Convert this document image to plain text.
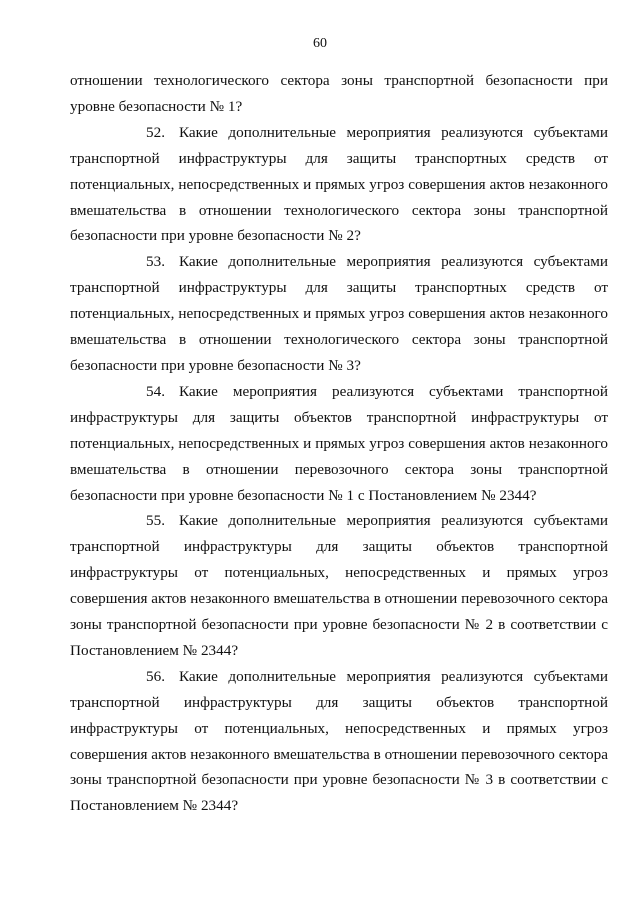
60

отношении технологического сектора зоны транспортной безопасности при уровне безопасности № 1?

52. Какие дополнительные мероприятия реализуются субъектами транспортной инфраструктуры для защиты транспортных средств от потенциальных, непосредственных и прямых угроз совершения актов незаконного вмешательства в отношении технологического сектора зоны транспортной безопасности при уровне безопасности № 2?

53. Какие дополнительные мероприятия реализуются субъектами транспортной инфраструктуры для защиты транспортных средств от потенциальных, непосредственных и прямых угроз совершения актов незаконного вмешательства в отношении технологического сектора зоны транспортной безопасности при уровне безопасности № 3?

54. Какие мероприятия реализуются субъектами транспортной инфраструктуры для защиты объектов транспортной инфраструктуры от потенциальных, непосредственных и прямых угроз совершения актов незаконного вмешательства в отношении перевозочного сектора зоны транспортной безопасности при уровне безопасности № 1 с Постановлением № 2344?

55. Какие дополнительные мероприятия реализуются субъектами транспортной инфраструктуры для защиты объектов транспортной инфраструктуры от потенциальных, непосредственных и прямых угроз совершения актов незаконного вмешательства в отношении перевозочного сектора зоны транспортной безопасности при уровне безопасности № 2 в соответствии с Постановлением № 2344?

56. Какие дополнительные мероприятия реализуются субъектами транспортной инфраструктуры для защиты объектов транспортной инфраструктуры от потенциальных, непосредственных и прямых угроз совершения актов незаконного вмешательства в отношении перевозочного сектора зоны транспортной безопасности при уровне безопасности № 3 в соответствии с Постановлением № 2344?
